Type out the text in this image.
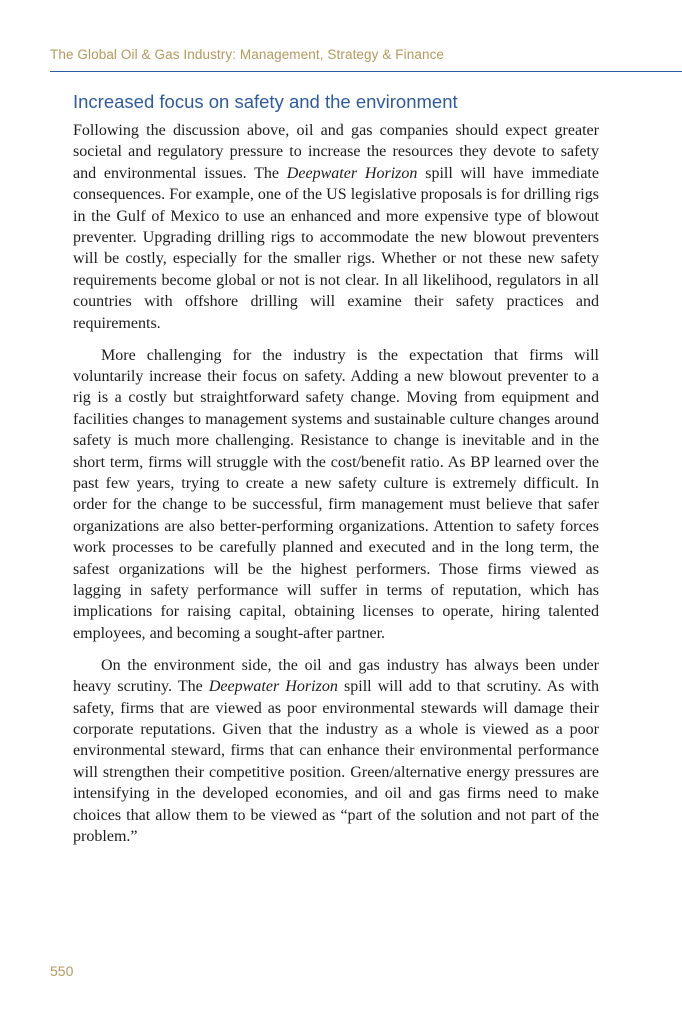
The Global Oil & Gas Industry: Management, Strategy & Finance
Increased focus on safety and the environment

Following the discussion above, oil and gas companies should expect greater societal and regulatory pressure to increase the resources they devote to safety and environmental issues. The Deepwater Horizon spill will have immediate consequences. For example, one of the US legislative proposals is for drilling rigs in the Gulf of Mexico to use an enhanced and more expensive type of blowout preventer. Upgrading drilling rigs to accommodate the new blowout preventers will be costly, especially for the smaller rigs. Whether or not these new safety requirements become global or not is not clear. In all likelihood, regulators in all countries with offshore drilling will examine their safety practices and requirements.

More challenging for the industry is the expectation that firms will voluntarily increase their focus on safety. Adding a new blowout preventer to a rig is a costly but straightforward safety change. Moving from equipment and facilities changes to management systems and sustainable culture changes around safety is much more challenging. Resistance to change is inevitable and in the short term, firms will struggle with the cost/benefit ratio. As BP learned over the past few years, trying to create a new safety culture is extremely difficult. In order for the change to be successful, firm management must believe that safer organizations are also better-performing organizations. Attention to safety forces work processes to be carefully planned and executed and in the long term, the safest organizations will be the highest performers. Those firms viewed as lagging in safety performance will suffer in terms of reputation, which has implications for raising capital, obtaining licenses to operate, hiring talented employees, and becoming a sought-after partner.

On the environment side, the oil and gas industry has always been under heavy scrutiny. The Deepwater Horizon spill will add to that scrutiny. As with safety, firms that are viewed as poor environmental stewards will damage their corporate reputations. Given that the industry as a whole is viewed as a poor environmental steward, firms that can enhance their environmental performance will strengthen their competitive position. Green/alternative energy pressures are intensifying in the developed economies, and oil and gas firms need to make choices that allow them to be viewed as “part of the solution and not part of the problem.”

550
